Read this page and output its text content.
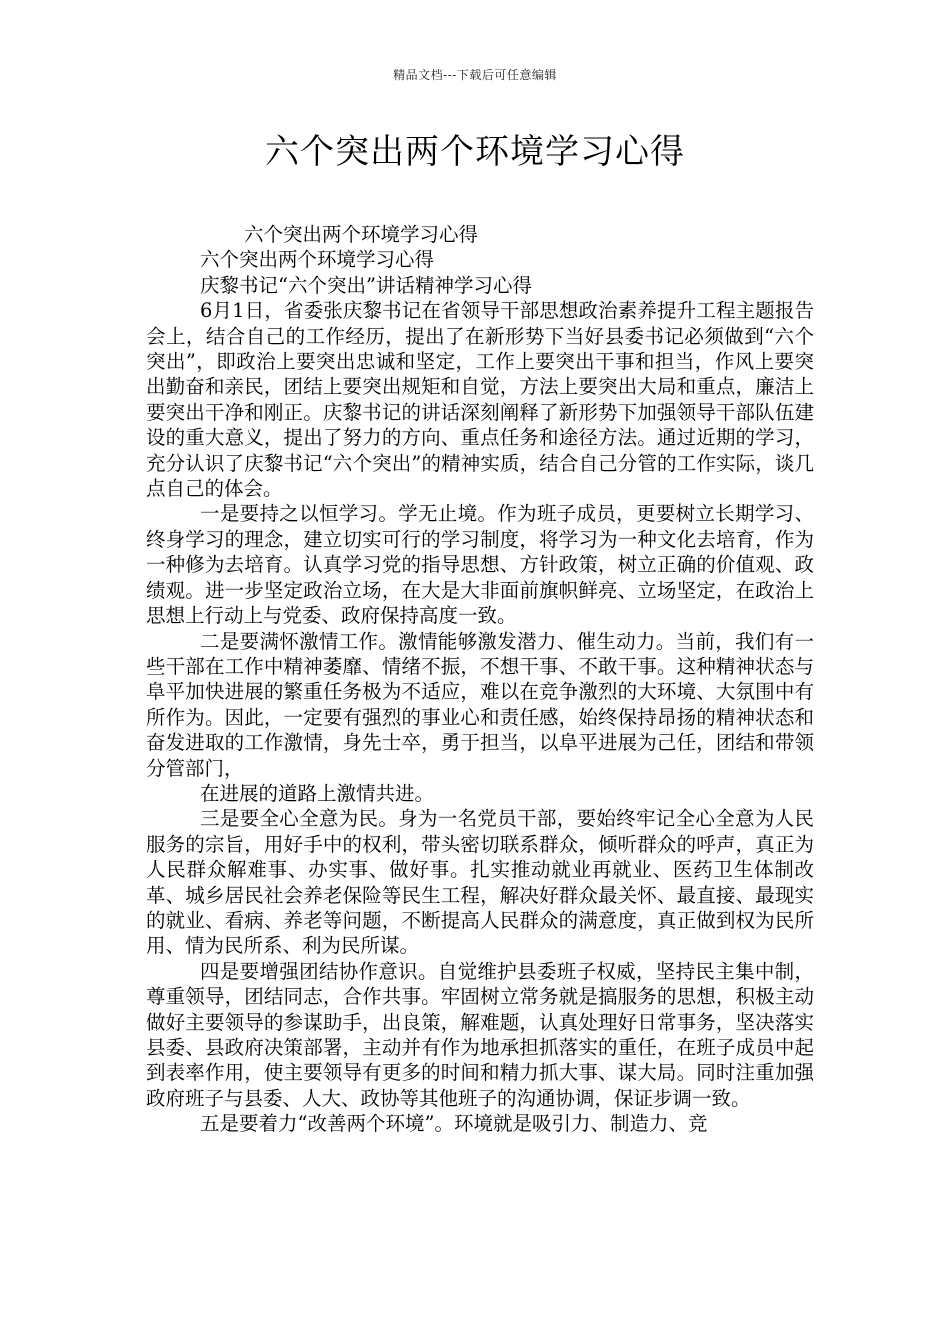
精品文档---下载后可任意编辑
六个突出两个环境学习心得

六个突出两个环境学习心得

六个突出两个环境学习心得

庆黎书记“六个突出”讲话精神学习心得

6月1日，省委张庆黎书记在省领导干部思想政治素养提升工程主题报告会上，结合自己的工作经历，提出了在新形势下当好县委书记必须做到“六个突出”，即政治上要突出忠诚和坚定，工作上要突出干事和担当，作风上要突出勤奋和亲民，团结上要突出规矩和自觉，方法上要突出大局和重点，廉洁上要突出干净和刚正。庆黎书记的讲话深刻阐释了新形势下加强领导干部队伍建设的重大意义，提出了努力的方向、重点任务和途径方法。通过近期的学习，充分认识了庆黎书记“六个突出”的精神实质，结合自己分管的工作实际，谈几点自己的体会。

一是要持之以恒学习。学无止境。作为班子成员，更要树立长期学习、终身学习的理念，建立切实可行的学习制度，将学习为一种文化去培育，作为一种修为去培育。认真学习党的指导思想、方针政策，树立正确的价值观、政绩观。进一步坚定政治立场，在大是大非面前旗帜鲜亮、立场坚定，在政治上思想上行动上与党委、政府保持高度一致。

二是要满怀激情工作。激情能够激发潜力、催生动力。当前，我们有一些干部在工作中精神萎靡、情绪不振，不想干事、不敢干事。这种精神状态与阜平加快进展的繁重任务极为不适应，难以在竞争激烈的大环境、大氛围中有所作为。因此，一定要有强烈的事业心和责任感，始终保持昂扬的精神状态和奋发进取的工作激情，身先士卒，勇于担当，以阜平进展为己任，团结和带领分管部门，

在进展的道路上激情共进。

三是要全心全意为民。身为一名党员干部，要始终牢记全心全意为人民服务的宗旨，用好手中的权利，带头密切联系群众，倾听群众的呼声，真正为人民群众解难事、办实事、做好事。扎实推动就业再就业、医药卫生体制改革、城乡居民社会养老保险等民生工程，解决好群众最关怀、最直接、最现实的就业、看病、养老等问题，不断提高人民群众的满意度，真正做到权为民所用、情为民所系、利为民所谋。

四是要增强团结协作意识。自觉维护县委班子权威，坚持民主集中制，尊重领导，团结同志，合作共事。牢固树立常务就是搞服务的思想，积极主动做好主要领导的参谋助手，出良策，解难题，认真处理好日常事务，坚决落实县委、县政府决策部署，主动并有作为地承担抓落实的重任，在班子成员中起到表率作用，使主要领导有更多的时间和精力抓大事、谋大局。同时注重加强政府班子与县委、人大、政协等其他班子的沟通协调，保证步调一致。

五是要着力“改善两个环境”。环境就是吸引力、制造力、竞
